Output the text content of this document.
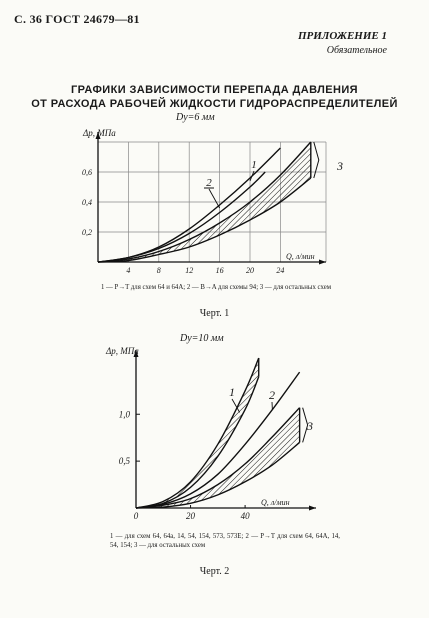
С. 36 ГОСТ 24679—81
ПРИЛОЖЕНИЕ 1
Обязательное
ГРАФИКИ ЗАВИСИМОСТИ ПЕРЕПАДА ДАВЛЕНИЯ
ОТ РАСХОДА РАБОЧЕЙ ЖИДКОСТИ ГИДРОРАСПРЕДЕЛИТЕЛЕЙ
Dу=6 мм
4	8	12	16	20	24
0,2
0,4
0,6
Q, л/мин
Δp, МПа
1
2
3
0	20	40
0,5
1,0
Q, л/мин
Δp, МПа
1	2
3
1 — P→T для схем 64 и 64А; 2 — B→A для схемы 94; 3 — для остальных схем
Черт. 1
Dу=10 мм
1 — для схем 64, 64а, 14, 54, 154, 573, 573Е; 2 — P→T для схем 64, 64А, 14, 54, 154; 3 — для остальных схем
Черт. 2
